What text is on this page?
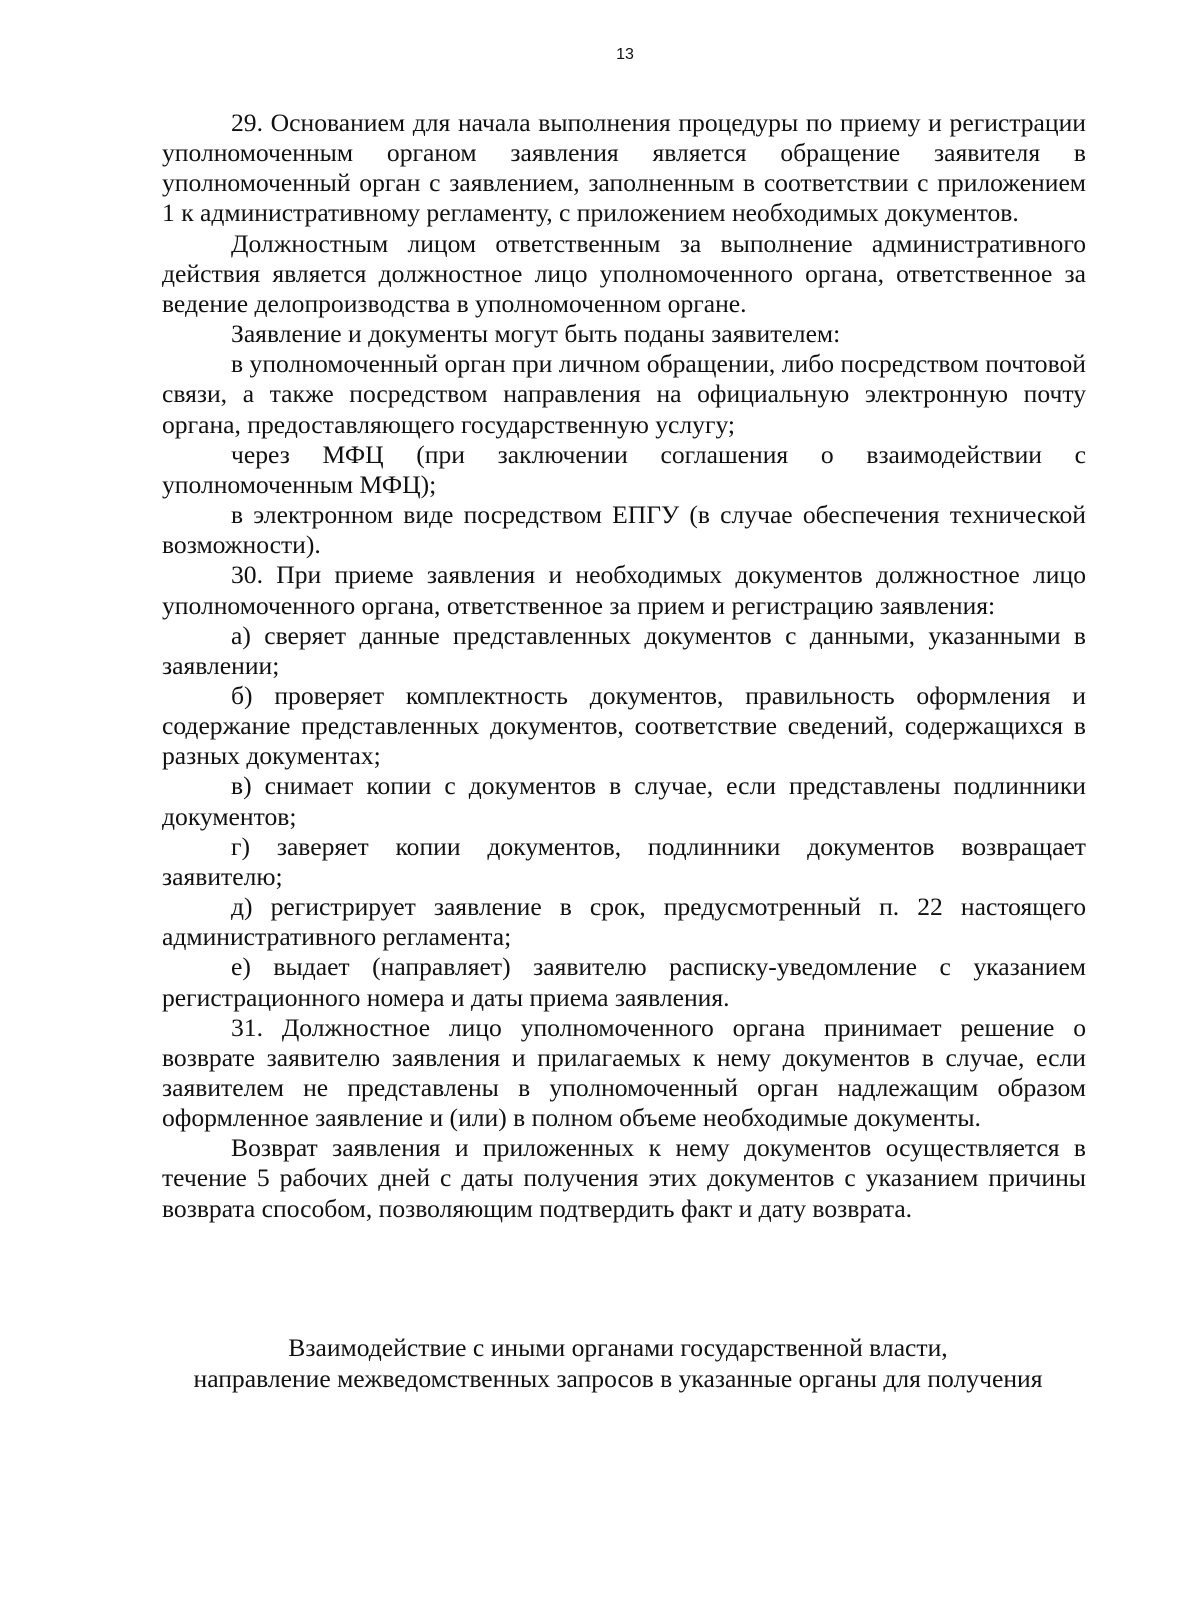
13

29. Основанием для начала выполнения процедуры по приему и регистрации уполномоченным органом заявления является обращение заявителя в уполномоченный орган с заявлением, заполненным в соответствии с приложением 1 к административному регламенту, с приложением необходимых документов.

Должностным лицом ответственным за выполнение административного действия является должностное лицо уполномоченного органа, ответственное за ведение делопроизводства в уполномоченном органе.

Заявление и документы могут быть поданы заявителем:

в уполномоченный орган при личном обращении, либо посредством почтовой связи, а также посредством направления на официальную электронную почту органа, предоставляющего государственную услугу;

через МФЦ (при заключении соглашения о взаимодействии с уполномоченным МФЦ);

в электронном виде посредством ЕПГУ (в случае обеспечения технической возможности).

30. При приеме заявления и необходимых документов должностное лицо уполномоченного органа, ответственное за прием и регистрацию заявления:

а) сверяет данные представленных документов с данными, указанными в заявлении;

б) проверяет комплектность документов, правильность оформления и содержание представленных документов, соответствие сведений, содержащихся в разных документах;

в) снимает копии с документов в случае, если представлены подлинники документов;

г) заверяет копии документов, подлинники документов возвращает заявителю;

д) регистрирует заявление в срок, предусмотренный п. 22 настоящего административного регламента;

е) выдает (направляет) заявителю расписку-уведомление с указанием регистрационного номера и даты приема заявления.

31. Должностное лицо уполномоченного органа принимает решение о возврате заявителю заявления и прилагаемых к нему документов в случае, если заявителем не представлены в уполномоченный орган надлежащим образом оформленное заявление и (или) в полном объеме необходимые документы.

Возврат заявления и приложенных к нему документов осуществляется в течение 5 рабочих дней с даты получения этих документов с указанием причины возврата способом, позволяющим подтвердить факт и дату возврата.

Взаимодействие с иными органами государственной власти,
направление межведомственных запросов в указанные органы для получения
